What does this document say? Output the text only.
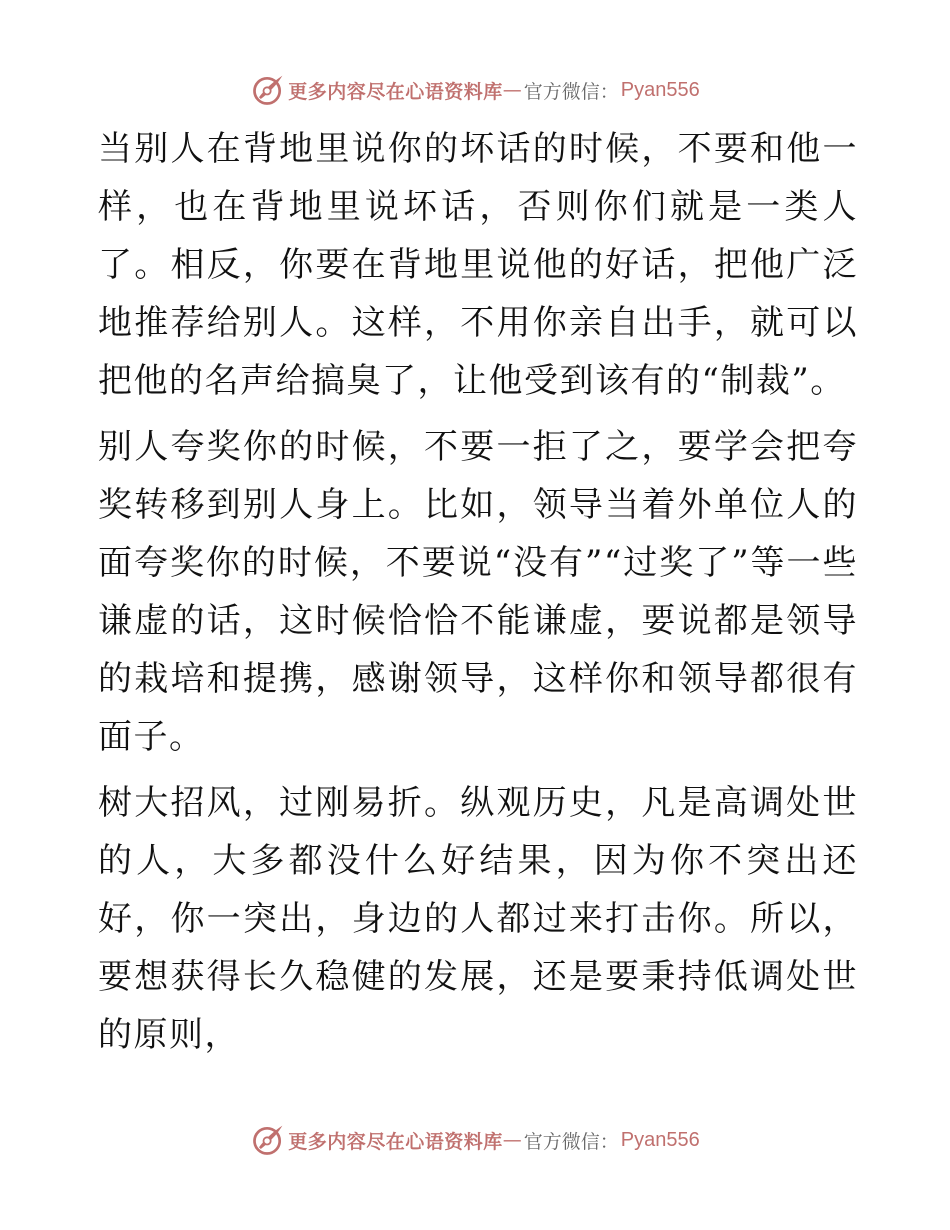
更多内容尽在心语资料库 — 官方微信： Pyan556

当别人在背地里说你的坏话的时候，不要和他一样，也在背地里说坏话，否则你们就是一类人了。相反，你要在背地里说他的好话，把他广泛地推荐给别人。这样，不用你亲自出手，就可以把他的名声给搞臭了，让他受到该有的“制裁”。

别人夸奖你的时候，不要一拒了之，要学会把夸奖转移到别人身上。比如，领导当着外单位人的面夸奖你的时候，不要说“没有”“过奖了”等一些谦虚的话，这时候恰恰不能谦虚，要说都是领导的栽培和提携，感谢领导，这样你和领导都很有面子。

树大招风，过刚易折。纵观历史，凡是高调处世的人，大多都没什么好结果，因为你不突出还好，你一突出，身边的人都过来打击你。所以，要想获得长久稳健的发展，还是要秉持低调处世的原则，

更多内容尽在心语资料库 — 官方微信： Pyan556
